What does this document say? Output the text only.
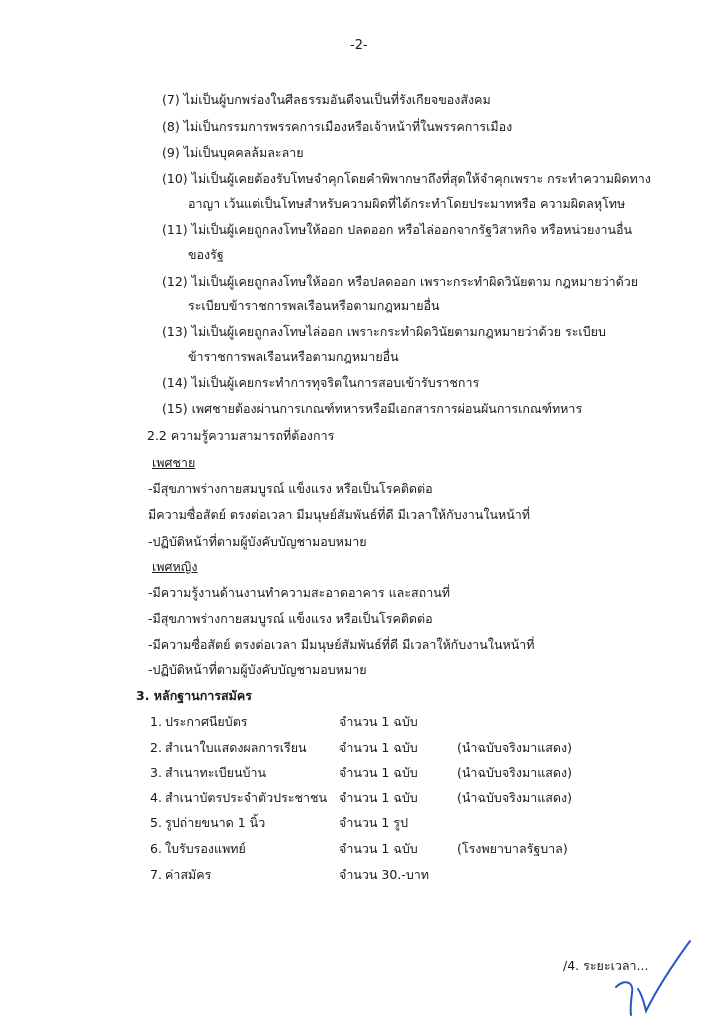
-2-
(7) ไม่เป็นผู้บกพร่องในศีลธรรมอันดีจนเป็นที่รังเกียจของสังคม
(8) ไม่เป็นกรรมการพรรคการเมืองหรือเจ้าหน้าที่ในพรรคการเมือง
(9) ไม่เป็นบุคคลล้มละลาย
(10) ไม่เป็นผู้เคยต้องรับโทษจำคุกโดยคำพิพากษาถึงที่สุดให้จำคุกเพราะ กระทำความผิดทาง
อาญา เว้นแต่เป็นโทษสำหรับความผิดที่ได้กระทำโดยประมาทหรือ ความผิดลหุโทษ
(11) ไม่เป็นผู้เคยถูกลงโทษให้ออก ปลดออก หรือไล่ออกจากรัฐวิสาหกิจ หรือหน่วยงานอื่น
ของรัฐ
(12) ไม่เป็นผู้เคยถูกลงโทษให้ออก หรือปลดออก เพราะกระทำผิดวินัยตาม กฎหมายว่าด้วย
ระเบียบข้าราชการพลเรือนหรือตามกฎหมายอื่น
(13) ไม่เป็นผู้เคยถูกลงโทษไล่ออก เพราะกระทำผิดวินัยตามกฎหมายว่าด้วย ระเบียบ
ข้าราชการพลเรือนหรือตามกฎหมายอื่น
(14) ไม่เป็นผู้เคยกระทำการทุจริตในการสอบเข้ารับราชการ
(15) เพศชายต้องผ่านการเกณฑ์ทหารหรือมีเอกสารการผ่อนผันการเกณฑ์ทหาร
2.2 ความรู้ความสามารถที่ต้องการ
เพศชาย
-มีสุขภาพร่างกายสมบูรณ์ แข็งแรง หรือเป็นโรคติดต่อ
มีความซื่อสัตย์ ตรงต่อเวลา มีมนุษย์สัมพันธ์ที่ดี มีเวลาให้กับงานในหน้าที่
-ปฏิบัติหน้าที่ตามผู้บังคับบัญชามอบหมาย
เพศหญิง
-มีความรู้งานด้านงานทำความสะอาดอาคาร และสถานที่
-มีสุขภาพร่างกายสมบูรณ์ แข็งแรง หรือเป็นโรคติดต่อ
-มีความซื่อสัตย์ ตรงต่อเวลา มีมนุษย์สัมพันธ์ที่ดี มีเวลาให้กับงานในหน้าที่
-ปฏิบัติหน้าที่ตามผู้บังคับบัญชามอบหมาย
3. หลักฐานการสมัคร
1. ประกาศนียบัตร	จำนวน 1 ฉบับ
2. สำเนาใบแสดงผลการเรียน	จำนวน 1 ฉบับ	(นำฉบับจริงมาแสดง)
3. สำเนาทะเบียนบ้าน	จำนวน 1 ฉบับ	(นำฉบับจริงมาแสดง)
4. สำเนาบัตรประจำตัวประชาชน จำนวน 1 ฉบับ	(นำฉบับจริงมาแสดง)
5. รูปถ่ายขนาด 1 นิ้ว	จำนวน 1 รูป
6. ใบรับรองแพทย์	จำนวน 1 ฉบับ	(โรงพยาบาลรัฐบาล)
7. ค่าสมัคร	จำนวน 30.-บาท
/4. ระยะเวลา...
